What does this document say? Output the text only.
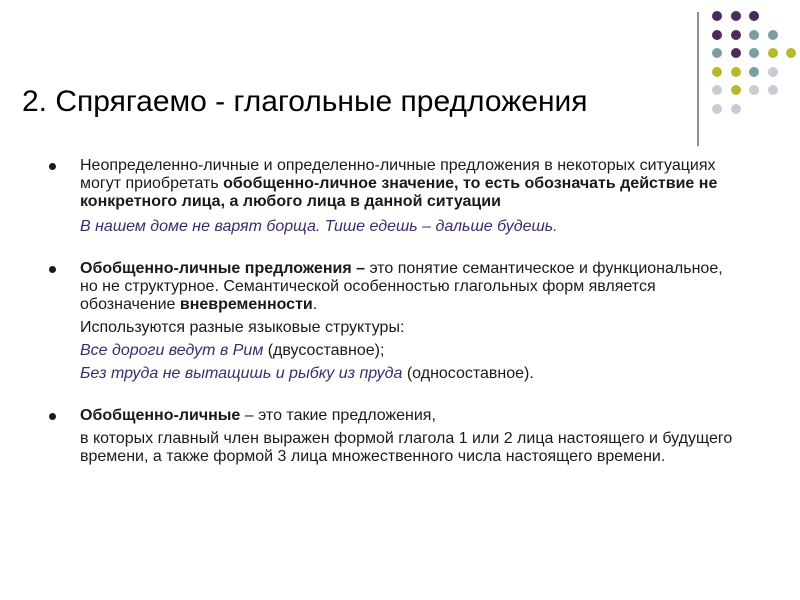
2. Спрягаемо - глагольные предложения

Неопределенно-личные и определенно-личные предложения в некоторых ситуациях могут приобретать обобщенно-личное значение, то есть обозначать действие не конкретного лица, а любого лица в данной ситуации

В нашем доме не варят борща. Тише едешь – дальше будешь.

Обобщенно-личные предложения – это понятие семантическое и функциональное, но не структурное. Семантической особенностью глагольных форм является обозначение вневременности.

Используются разные языковые структуры:

Все дороги ведут в Рим (двусоставное);

Без труда не вытащишь и рыбку из пруда (односоставное).

Обобщенно-личные – это такие предложения,

в которых главный член выражен формой глагола 1 или 2 лица настоящего и будущего времени, а также формой 3 лица множественного числа настоящего времени.
